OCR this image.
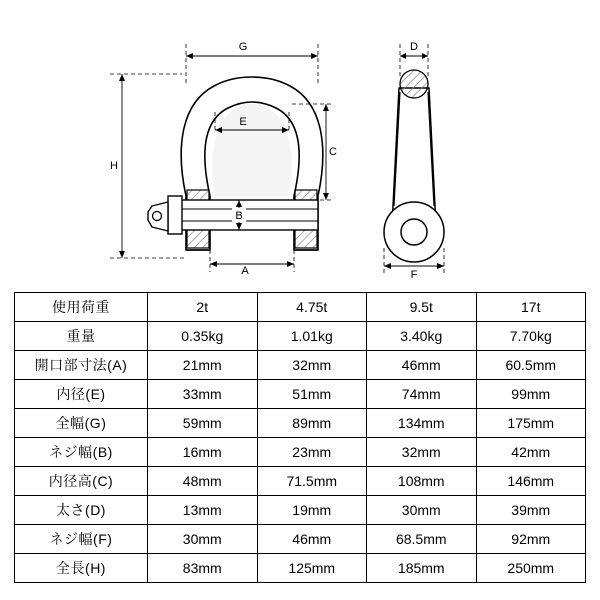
G
H
E
C
B
A
D
F
使用荷重	2t	4.75t	9.5t	17t
重量	0.35kg	1.01kg	3.40kg	7.70kg
開口部寸法(A)	21mm	32mm	46mm	60.5mm
内径(E)	33mm	51mm	74mm	99mm
全幅(G)	59mm	89mm	134mm	175mm
ネジ幅(B)	16mm	23mm	32mm	42mm
内径高(C)	48mm	71.5mm	108mm	146mm
太さ(D)	13mm	19mm	30mm	39mm
ネジ幅(F)	30mm	46mm	68.5mm	92mm
全長(H)	83mm	125mm	185mm	250mm
